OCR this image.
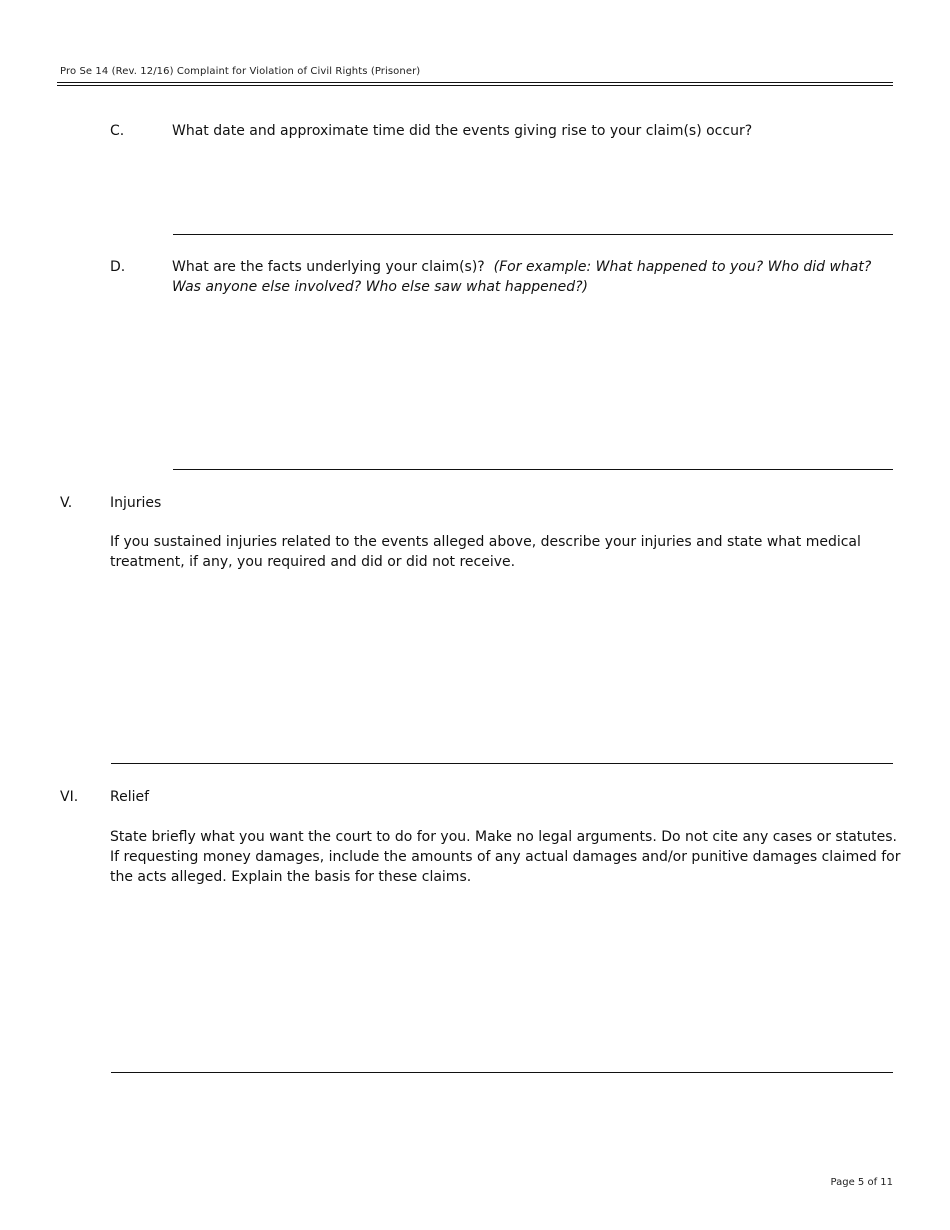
Pro Se 14 (Rev. 12/16) Complaint for Violation of Civil Rights (Prisoner)
C.	What date and approximate time did the events giving rise to your claim(s) occur?
D.	What are the facts underlying your claim(s)? (For example: What happened to you? Who did what?
Was anyone else involved? Who else saw what happened?)
V.	Injuries
If you sustained injuries related to the events alleged above, describe your injuries and state what medical
treatment, if any, you required and did or did not receive.
VI. Relief
State briefly what you want the court to do for you. Make no legal arguments. Do not cite any cases or statutes.
If requesting money damages, include the amounts of any actual damages and/or punitive damages claimed for
the acts alleged. Explain the basis for these claims.
Page 5 of 11
